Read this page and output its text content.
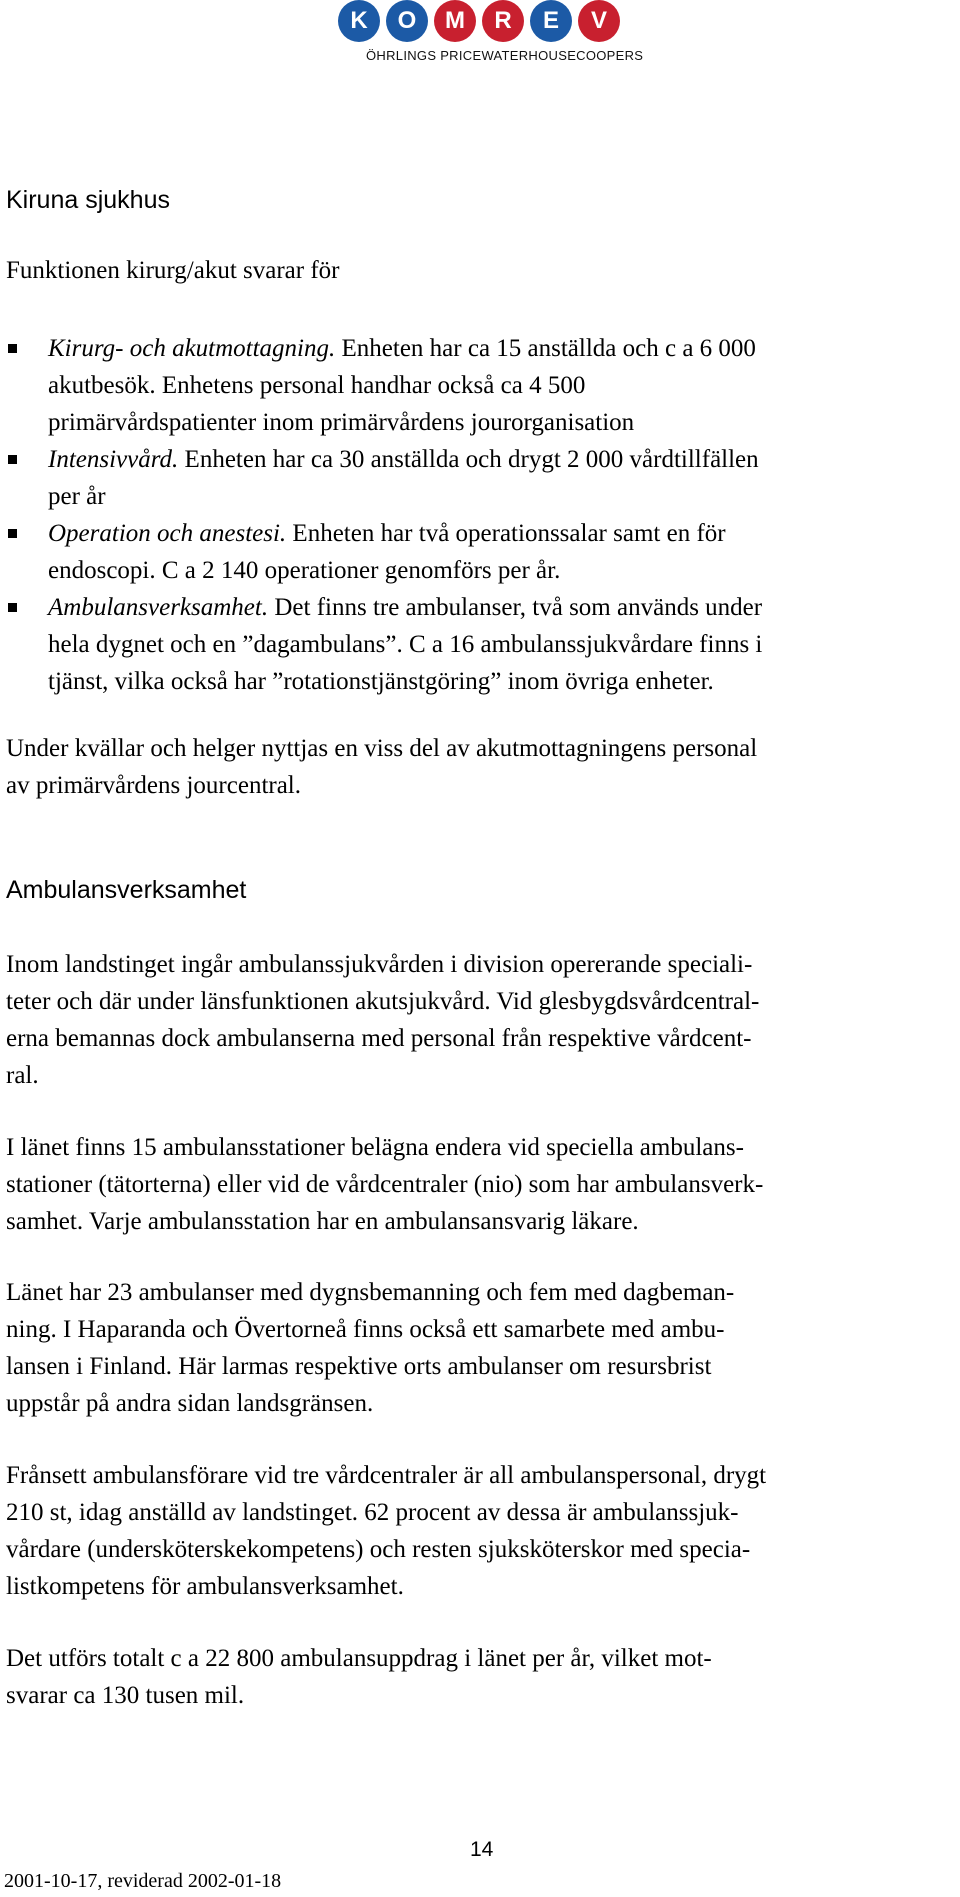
K	O	M	R	E	V
ÖHRLINGS PRICEWATERHOUSECOOPERS
Kiruna sjukhus
Funktionen kirurg/akut svarar för
Kirurg- och akutmottagning. Enheten har ca 15 anställda och c a 6 000
akutbesök. Enhetens personal handhar också ca 4 500
primärvårdspatienter inom primärvårdens jourorganisation
Intensivvård. Enheten har ca 30 anställda och drygt 2 000 vårdtillfällen
per år
Operation och anestesi. Enheten har två operationssalar samt en för
endoscopi. C a 2 140 operationer genomförs per år.
Ambulansverksamhet. Det finns tre ambulanser, två som används under
hela dygnet och en ”dagambulans”. C a 16 ambulanssjukvårdare finns i
tjänst, vilka också har ”rotationstjänstgöring” inom övriga enheter.
Under kvällar och helger nyttjas en viss del av akutmottagningens personal
av primärvårdens jourcentral.
Ambulansverksamhet
Inom landstinget ingår ambulanssjukvården i division opererande speciali-
teter och där under länsfunktionen akutsjukvård. Vid glesbygdsvårdcentral-
erna bemannas dock ambulanserna med personal från respektive vårdcent-
ral.
I länet finns 15 ambulansstationer belägna endera vid speciella ambulans-
stationer (tätorterna) eller vid de vårdcentraler (nio) som har ambulansverk-
samhet. Varje ambulansstation har en ambulansansvarig läkare.
Länet har 23 ambulanser med dygnsbemanning och fem med dagbeman-
ning. I Haparanda och Övertorneå finns också ett samarbete med ambu-
lansen i Finland. Här larmas respektive orts ambulanser om resursbrist
uppstår på andra sidan landsgränsen.
Frånsett ambulansförare vid tre vårdcentraler är all ambulanspersonal, drygt
210 st, idag anställd av landstinget. 62 procent av dessa är ambulanssjuk-
vårdare (undersköterskekompetens) och resten sjuksköterskor med specia-
listkompetens för ambulansverksamhet.
Det utförs totalt c a 22 800 ambulansuppdrag i länet per år, vilket mot-
svarar ca 130 tusen mil.
14
2001-10-17, reviderad 2002-01-18
